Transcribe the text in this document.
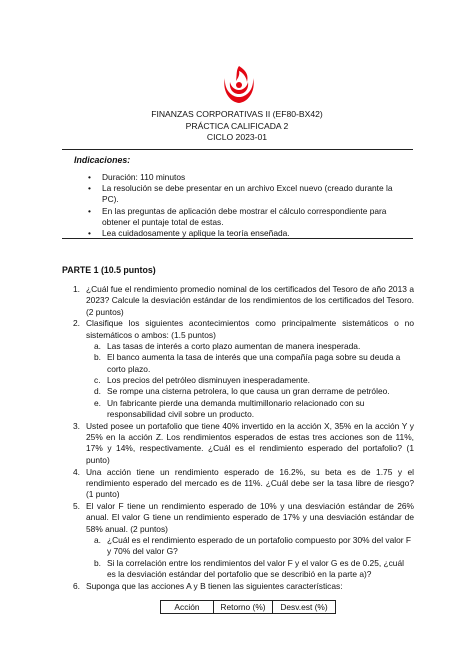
FINANZAS CORPORATIVAS II (EF80-BX42)
PRÁCTICA CALIFICADA 2
CICLO 2023-01
Indicaciones:
• Duración: 110 minutos
• La resolución se debe presentar en un archivo Excel nuevo (creado durante la PC).
• En las preguntas de aplicación debe mostrar el cálculo correspondiente para obtener el puntaje total de estas.
• Lea cuidadosamente y aplique la teoría enseñada.
PARTE 1 (10.5 puntos)
1. ¿Cuál fue el rendimiento promedio nominal de los certificados del Tesoro de año 2013 a 2023? Calcule la desviación estándar de los rendimientos de los certificados del Tesoro. (2 puntos)
2. Clasifique los siguientes acontecimientos como principalmente sistemáticos o no sistemáticos o ambos: (1.5 puntos)
a. Las tasas de interés a corto plazo aumentan de manera inesperada.
b. El banco aumenta la tasa de interés que una compañía paga sobre su deuda a corto plazo.
c. Los precios del petróleo disminuyen inesperadamente.
d. Se rompe una cisterna petrolera, lo que causa un gran derrame de petróleo.
e. Un fabricante pierde una demanda multimillonario relacionado con su responsabilidad civil sobre un producto.
3. Usted posee un portafolio que tiene 40% invertido en la acción X, 35% en la acción Y y 25% en la acción Z. Los rendimientos esperados de estas tres acciones son de 11%, 17% y 14%, respectivamente. ¿Cuál es el rendimiento esperado del portafolio? (1 punto)
4. Una acción tiene un rendimiento esperado de 16.2%, su beta es de 1.75 y el rendimiento esperado del mercado es de 11%. ¿Cuál debe ser la tasa libre de riesgo? (1 punto)
5. El valor F tiene un rendimiento esperado de 10% y una desviación estándar de 26% anual. El valor G tiene un rendimiento esperado de 17% y una desviación estándar de 58% anual. (2 puntos)
a. ¿Cuál es el rendimiento esperado de un portafolio compuesto por 30% del valor F y 70% del valor G?
b. Si la correlación entre los rendimientos del valor F y el valor G es de 0.25, ¿cuál es la desviación estándar del portafolio que se describió en la parte a)?
6. Suponga que las acciones A y B tienen las siguientes características:
Acción	Retorno (%)	Desv.est (%)
